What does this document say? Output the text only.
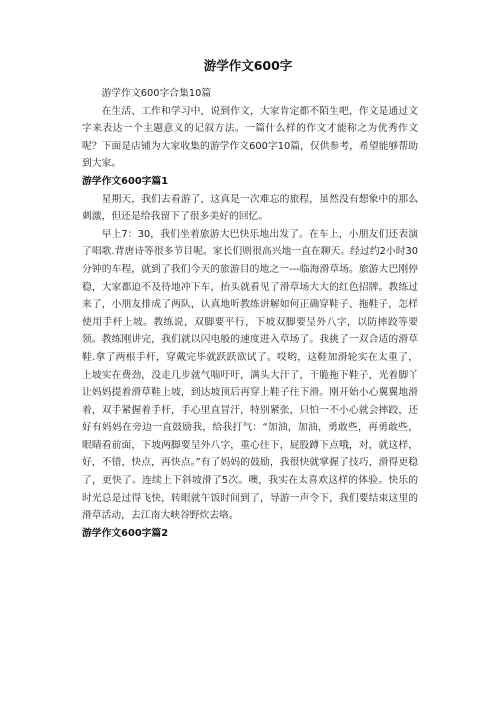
游学作文600字

游学作文600字合集10篇

在生活、工作和学习中，说到作文，大家肯定都不陌生吧，作文是通过文字来表达一个主题意义的记叙方法。一篇什么样的作文才能称之为优秀作文呢？下面是店铺为大家收集的游学作文600字10篇，仅供参考，希望能够帮助到大家。

游学作文600字篇1

星期天，我们去看游了，这真是一次难忘的旅程，虽然没有想象中的那么刺激，但还是给我留下了很多美好的回忆。

早上7：30，我们坐着旅游大巴快乐地出发了。在车上，小朋友们还表演了唱歌.背唐诗等很多节目呢。家长们则很高兴地一直在聊天。经过约2小时30分钟的车程，就到了我们今天的旅游目的地之一---临海滑草场。旅游大巴刚停稳，大家都迫不及待地冲下车，抬头就看见了滑草场大大的红色招牌。教练过来了，小朋友排成了两队，认真地听教练讲解如何正确穿鞋子、拖鞋子，怎样使用手杆上坡。教练说，双脚要平行，下坡双脚要呈外八字，以防摔跤等要领。教练刚讲完，我们就以闪电般的速度进入草场了。我挑了一双合适的滑草鞋.拿了两根手杆，穿戴完毕就跃跃欲试了。哎哟，这鞋加滑轮实在太重了，上坡实在费劲，没走几步就气喘吁吁，满头大汗了，干脆拖下鞋子，光着脚丫让妈妈提着滑草鞋上坡，到达坡顶后再穿上鞋子往下滑。刚开始小心翼翼地滑着，双手紧握着手杆，手心里直冒汗，特别紧张，只怕一不小心就会摔跤，还好有妈妈在旁边一直鼓励我，给我打气：“加油，加油，勇敢些，再勇敢些，眼睛看前面，下坡两脚要呈外八字，重心往下，屁股蹲下点哦，对，就这样，好，不错，快点，再快点。”有了妈妈的鼓励，我很快就掌握了技巧，滑得更稳了，更快了。连续上下斜坡滑了5次。噢，我实在太喜欢这样的体验。快乐的时光总是过得飞快，转眼就午饭时间到了，导游一声令下，我们要结束这里的滑草活动，去江南大峡谷野炊去咯。

游学作文600字篇2
